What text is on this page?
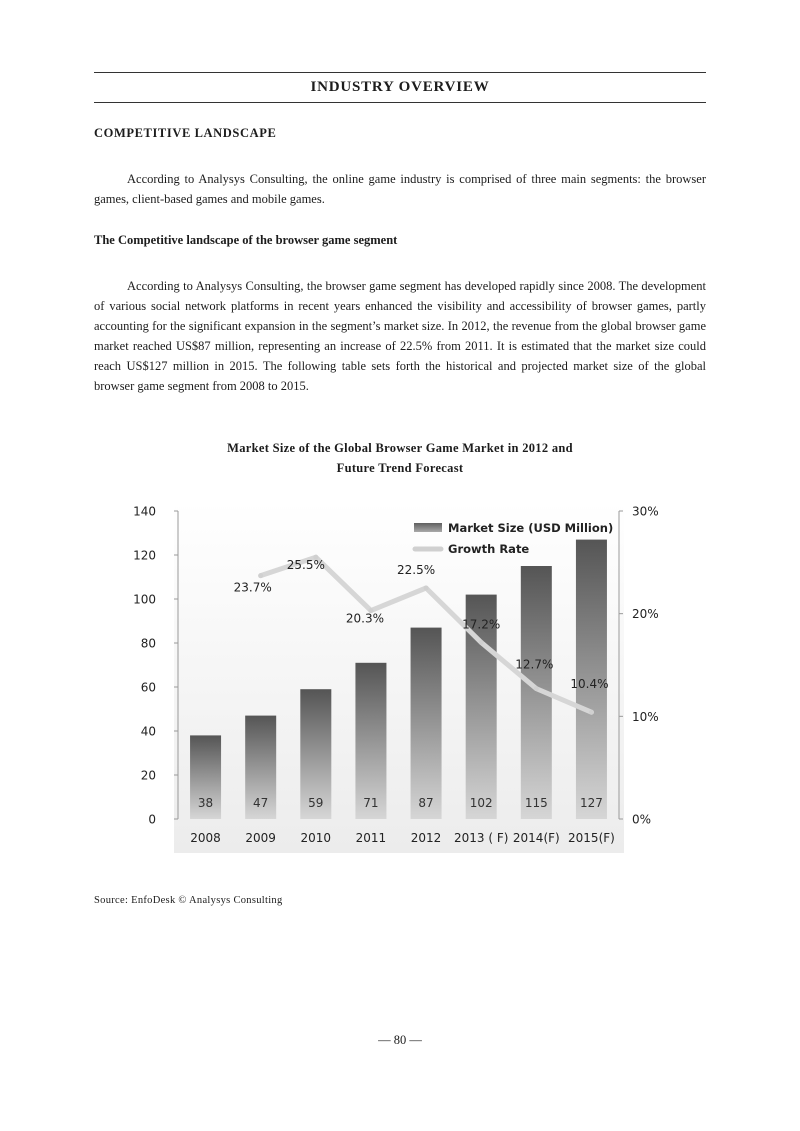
INDUSTRY OVERVIEW
COMPETITIVE LANDSCAPE

According to Analysys Consulting, the online game industry is comprised of three main segments: the browser games, client-based games and mobile games.

The Competitive landscape of the browser game segment

According to Analysys Consulting, the browser game segment has developed rapidly since 2008. The development of various social network platforms in recent years enhanced the visibility and accessibility of browser games, partly accounting for the significant expansion in the segment’s market size. In 2012, the revenue from the global browser game market reached US$87 million, representing an increase of 22.5% from 2011. It is estimated that the market size could reach US$127 million in 2015. The following table sets forth the historical and projected market size of the global browser game segment from 2008 to 2015.

Market Size of the Global Browser Game Market in 2012 and
Future Trend Forecast
0
20
40
60
80
100
120
140
0%
10%
20%
30%
2008 2009 2010 2011 2012 2013 ( F) 2014(F) 2015(F)
38	47	59	71	87	102	115	127
23.7%
25.5%
20.3%
22.5%
17.2%
12.7%
10.4%
Market Size (USD Million)
Growth Rate
Source: EnfoDesk © Analysys Consulting
— 80 —
